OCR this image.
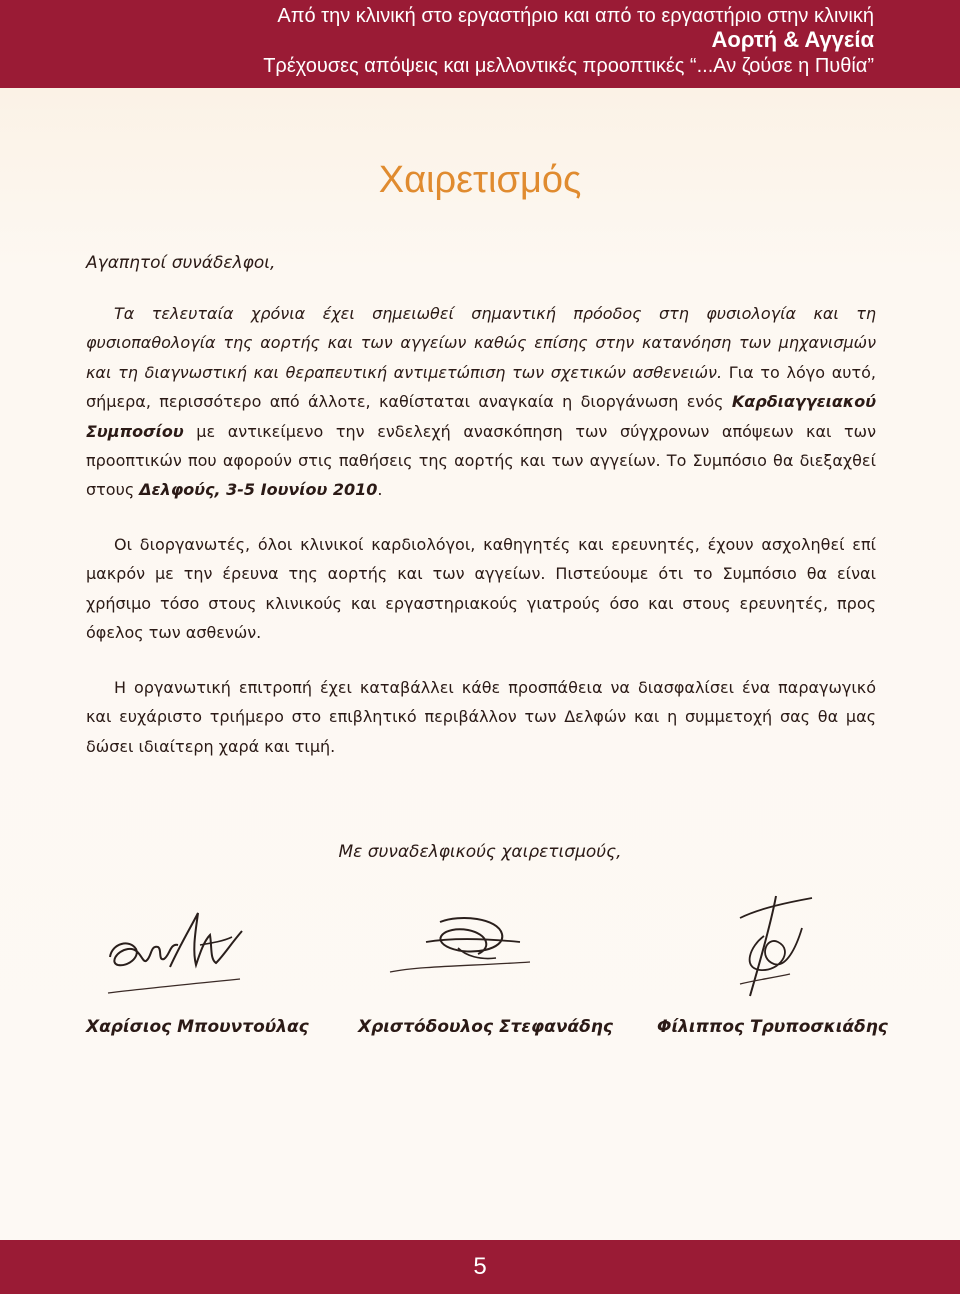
Από την κλινική στο εργαστήριο και από το εργαστήριο στην κλινική
Αορτή & Αγγεία
Τρέχουσες απόψεις και μελλοντικές προοπτικές “...Αν ζούσε η Πυθία”
Χαιρετισμός
Αγαπητοί συνάδελφοι,

Τα τελευταία χρόνια έχει σημειωθεί σημαντική πρόοδος στη φυσιολογία και τη φυσιοπαθολογία της αορτής και των αγγείων καθώς επίσης στην κατανόηση των μηχανισμών και τη διαγνωστική και θεραπευτική αντιμετώπιση των σχετικών ασθενειών. Για το λόγο αυτό, σήμερα, περισσότερο από άλλοτε, καθίσταται αναγκαία η διοργάνωση ενός Καρδιαγγειακού Συμποσίου με αντικείμενο την ενδελεχή ανασκόπηση των σύγχρονων απόψεων και των προοπτικών που αφορούν στις παθήσεις της αορτής και των αγγείων. Το Συμπόσιο θα διεξαχθεί στους Δελφούς, 3-5 Ιουνίου 2010.

Οι διοργανωτές, όλοι κλινικοί καρδιολόγοι, καθηγητές και ερευνητές, έχουν ασχοληθεί επί μακρόν με την έρευνα της αορτής και των αγγείων. Πιστεύουμε ότι το Συμπόσιο θα είναι χρήσιμο τόσο στους κλινικούς και εργαστηριακούς γιατρούς όσο και στους ερευνητές, προς όφελος των ασθενών.

Η οργανωτική επιτροπή έχει καταβάλλει κάθε προσπάθεια να διασφαλίσει ένα παραγωγικό και ευχάριστο τριήμερο στο επιβλητικό περιβάλλον των Δελφών και η συμμετοχή σας θα μας δώσει ιδιαίτερη χαρά και τιμή.

Με συναδελφικούς χαιρετισμούς,
Χαρίσιος Μπουντούλας	Χριστόδουλος Στεφανάδης	Φίλιππος Τρυποσκιάδης
5
